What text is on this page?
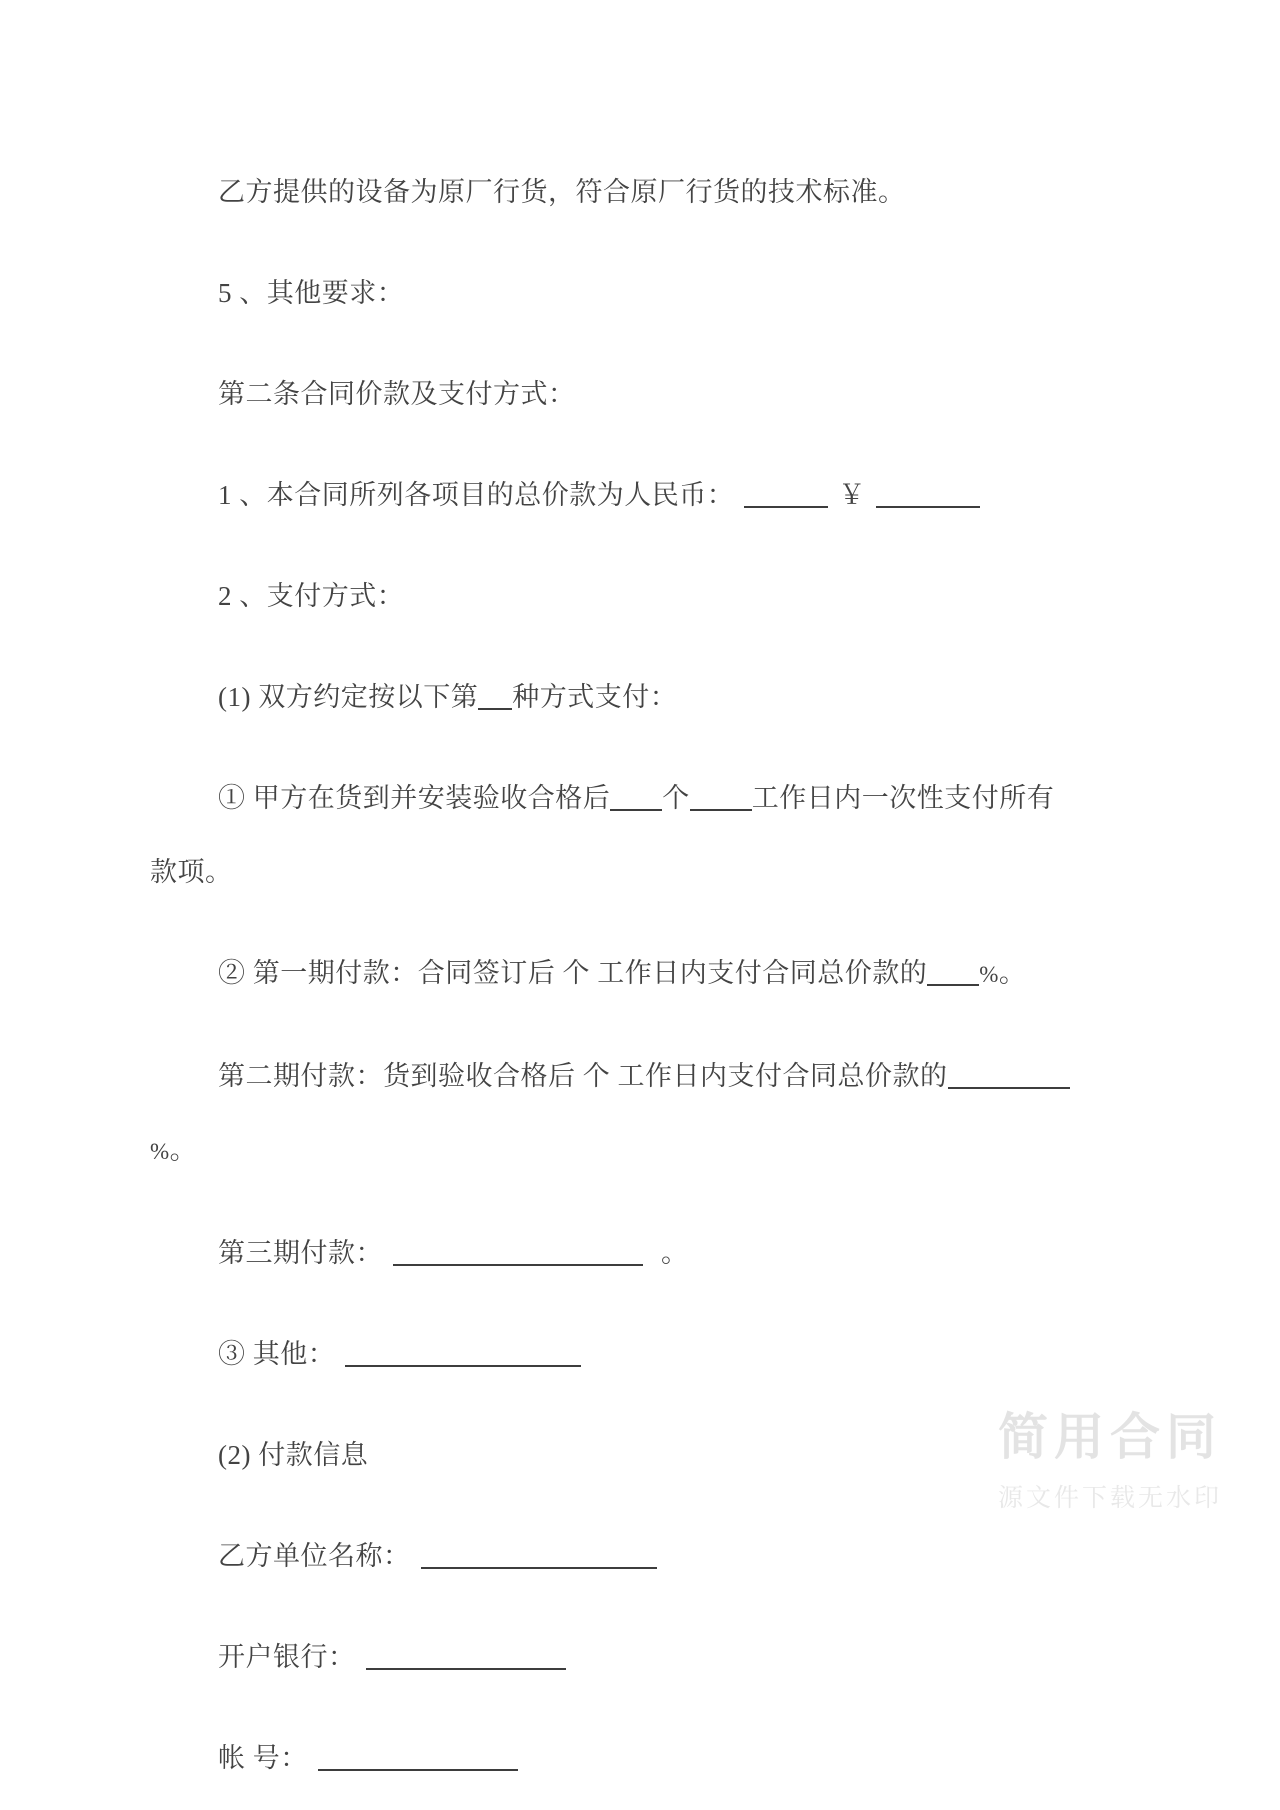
乙方提供的设备为原厂行货，符合原厂行货的技术标准。

5 、其他要求：

第二条合同价款及支付方式：

1 、本合同所列各项目的总价款为人民币：	￥

2 、支付方式：

(1) 双方约定按以下第 种方式支付：

① 甲方在货到并安装验收合格后 个 工作日内一次性支付所有款项。

② 第一期付款：合同签订后 个 工作日内支付合同总价款的 %。

第二期付款：货到验收合格后 个 工作日内支付合同总价款的%。

第三期付款：	。

③ 其他：

(2) 付款信息

乙方单位名称：

开户银行：

帐 号：

简用合同
源文件下载无水印
